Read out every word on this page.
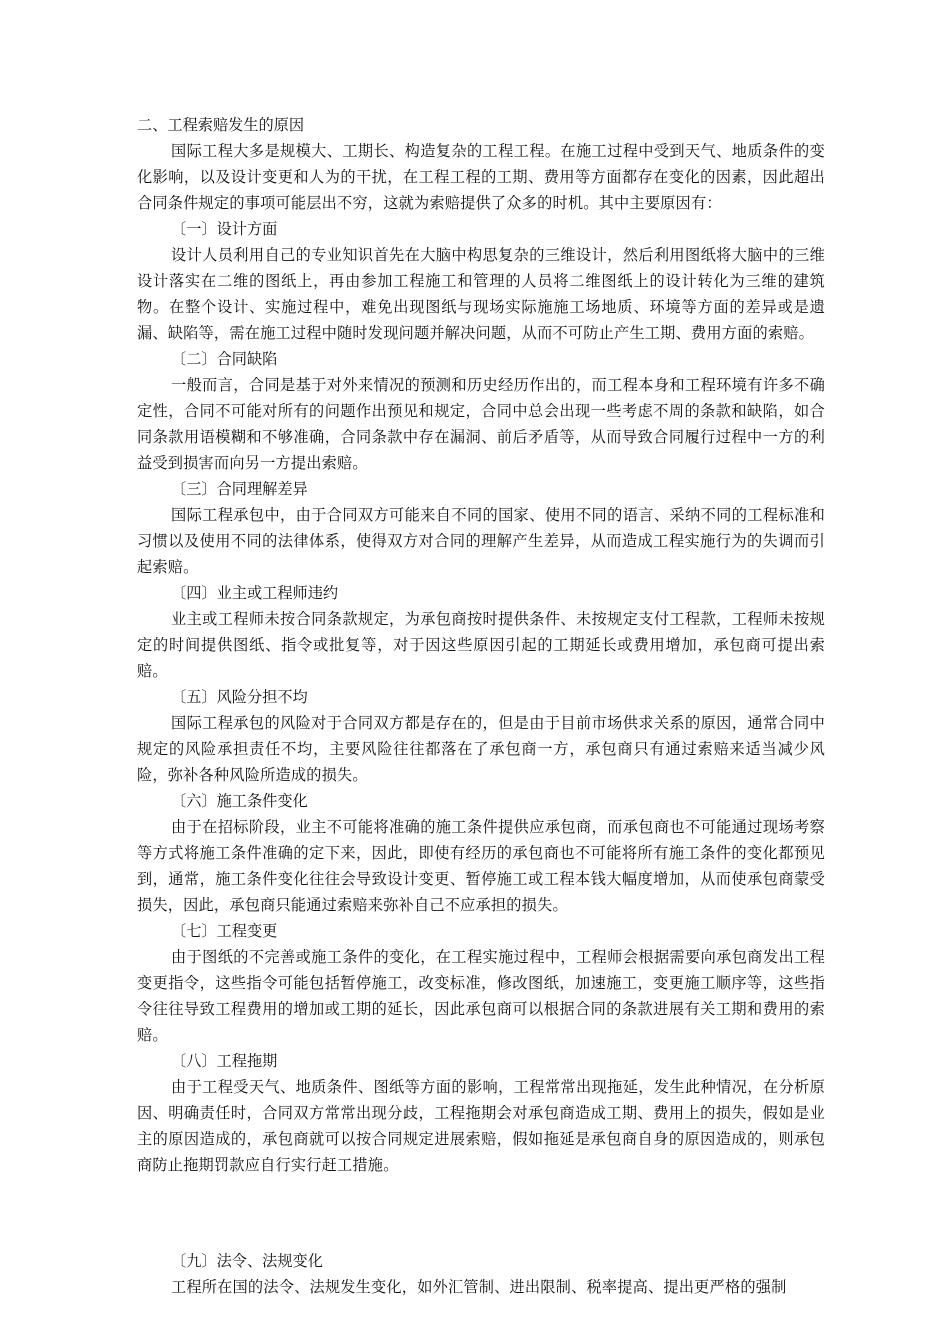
二、工程索赔发生的原因

国际工程大多是规模大、工期长、构造复杂的工程工程。在施工过程中受到天气、地质条件的变化影响，以及设计变更和人为的干扰，在工程工程的工期、费用等方面都存在变化的因素，因此超出合同条件规定的事项可能层出不穷，这就为索赔提供了众多的时机。其中主要原因有：

〔一〕设计方面

设计人员利用自己的专业知识首先在大脑中构思复杂的三维设计，然后利用图纸将大脑中的三维设计落实在二维的图纸上，再由参加工程施工和管理的人员将二维图纸上的设计转化为三维的建筑物。在整个设计、实施过程中，难免出现图纸与现场实际施施工场地质、环境等方面的差异或是遗漏、缺陷等，需在施工过程中随时发现问题并解决问题，从而不可防止产生工期、费用方面的索赔。

〔二〕合同缺陷

一般而言，合同是基于对外来情况的预测和历史经历作出的，而工程本身和工程环境有许多不确定性，合同不可能对所有的问题作出预见和规定，合同中总会出现一些考虑不周的条款和缺陷，如合同条款用语模糊和不够准确，合同条款中存在漏洞、前后矛盾等，从而导致合同履行过程中一方的利益受到损害而向另一方提出索赔。

〔三〕合同理解差异

国际工程承包中，由于合同双方可能来自不同的国家、使用不同的语言、采纳不同的工程标准和习惯以及使用不同的法律体系，使得双方对合同的理解产生差异，从而造成工程实施行为的失调而引起索赔。

〔四〕业主或工程师违约

业主或工程师未按合同条款规定，为承包商按时提供条件、未按规定支付工程款，工程师未按规定的时间提供图纸、指令或批复等，对于因这些原因引起的工期延长或费用增加，承包商可提出索赔。

〔五〕风险分担不均

国际工程承包的风险对于合同双方都是存在的，但是由于目前市场供求关系的原因，通常合同中规定的风险承担责任不均，主要风险往往都落在了承包商一方，承包商只有通过索赔来适当减少风险，弥补各种风险所造成的损失。

〔六〕施工条件变化

由于在招标阶段，业主不可能将准确的施工条件提供应承包商，而承包商也不可能通过现场考察等方式将施工条件准确的定下来，因此，即使有经历的承包商也不可能将所有施工条件的变化都预见到，通常，施工条件变化往往会导致设计变更、暂停施工或工程本钱大幅度增加，从而使承包商蒙受损失，因此，承包商只能通过索赔来弥补自己不应承担的损失。

〔七〕工程变更

由于图纸的不完善或施工条件的变化，在工程实施过程中，工程师会根据需要向承包商发出工程变更指令，这些指令可能包括暂停施工，改变标准，修改图纸，加速施工，变更施工顺序等，这些指令往往导致工程费用的增加或工期的延长，因此承包商可以根据合同的条款进展有关工期和费用的索赔。

〔八〕工程拖期

由于工程受天气、地质条件、图纸等方面的影响，工程常常出现拖延，发生此种情况，在分析原因、明确责任时，合同双方常常出现分歧，工程拖期会对承包商造成工期、费用上的损失，假如是业主的原因造成的，承包商就可以按合同规定进展索赔，假如拖延是承包商自身的原因造成的，则承包商防止拖期罚款应自行实行赶工措施。

〔九〕法令、法规变化

工程所在国的法令、法规发生变化，如外汇管制、进出限制、税率提高、提出更严格的强制
